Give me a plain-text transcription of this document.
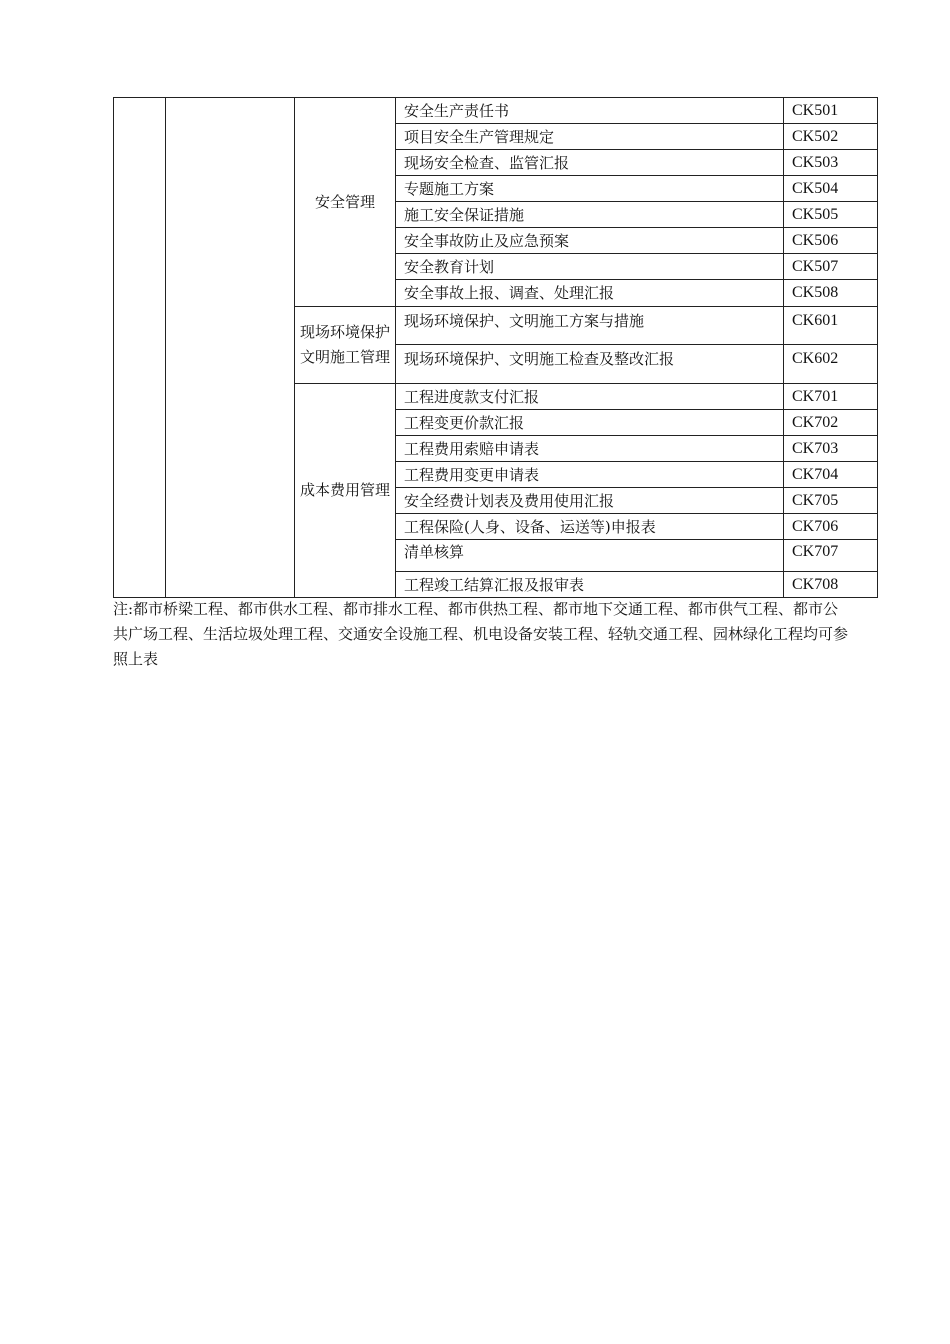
		安全管理	安全生产责任书	CK501
			项目安全生产管理规定	CK502
			现场安全检查、监管汇报	CK503
			专题施工方案	CK504
			施工安全保证措施	CK505
			安全事故防止及应急预案	CK506
			安全教育计划	CK507
			安全事故上报、调查、处理汇报	CK508
		现场环境保护文明施工管理	现场环境保护、文明施工方案与措施	CK601
			现场环境保护、文明施工检查及整改汇报	CK602
		成本费用管理	工程进度款支付汇报	CK701
			工程变更价款汇报	CK702
			工程费用索赔申请表	CK703
			工程费用变更申请表	CK704
			安全经费计划表及费用使用汇报	CK705
			工程保险(人身、设备、运送等)申报表	CK706
			清单核算	CK707
			工程竣工结算汇报及报审表	CK708
注:都市桥梁工程、都市供水工程、都市排水工程、都市供热工程、都市地下交通工程、都市供气工程、都市公共广场工程、生活垃圾处理工程、交通安全设施工程、机电设备安装工程、轻轨交通工程、园林绿化工程均可参照上表
